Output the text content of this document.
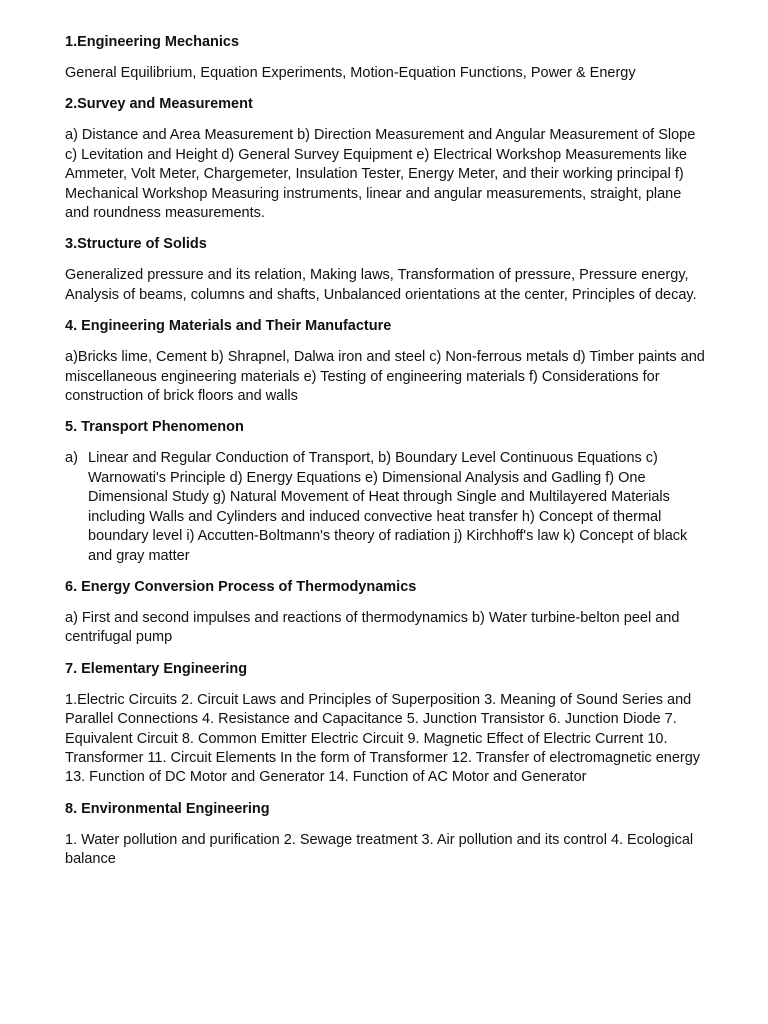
1.Engineering Mechanics
General Equilibrium, Equation Experiments, Motion-Equation Functions, Power & Energy
2.Survey and Measurement
a) Distance and Area Measurement b) Direction Measurement and Angular Measurement of Slope c) Levitation and Height d) General Survey Equipment e) Electrical Workshop Measurements like Ammeter, Volt Meter, Chargemeter, Insulation Tester, Energy Meter, and their working principal f) Mechanical Workshop Measuring instruments, linear and angular measurements, straight, plane and roundness measurements.
3.Structure of Solids
Generalized pressure and its relation, Making laws, Transformation of pressure, Pressure energy, Analysis of beams, columns and shafts, Unbalanced orientations at the center, Principles of decay.
4. Engineering Materials and Their Manufacture
a)Bricks lime, Cement b) Shrapnel, Dalwa iron and steel c) Non-ferrous metals d) Timber paints and miscellaneous engineering materials e) Testing of engineering materials f) Considerations for construction of brick floors and walls
5. Transport Phenomenon
a) Linear and Regular Conduction of Transport, b) Boundary Level Continuous Equations c) Warnowati's Principle d) Energy Equations e) Dimensional Analysis and Gadling f) One Dimensional Study g) Natural Movement of Heat through Single and Multilayered Materials including Walls and Cylinders and induced convective heat transfer h) Concept of thermal boundary level i) Accutten-Boltmann's theory of radiation j) Kirchhoff's law k) Concept of black and gray matter
6. Energy Conversion Process of Thermodynamics
a) First and second impulses and reactions of thermodynamics b) Water turbine-belton peel and centrifugal pump
7. Elementary Engineering
1.Electric Circuits 2. Circuit Laws and Principles of Superposition 3. Meaning of Sound Series and Parallel Connections 4. Resistance and Capacitance 5. Junction Transistor 6. Junction Diode 7. Equivalent Circuit 8. Common Emitter Electric Circuit 9. Magnetic Effect of Electric Current 10. Transformer 11. Circuit Elements In the form of Transformer 12. Transfer of electromagnetic energy 13. Function of DC Motor and Generator 14. Function of AC Motor and Generator
8. Environmental Engineering
1. Water pollution and purification 2. Sewage treatment 3. Air pollution and its control 4. Ecological balance
